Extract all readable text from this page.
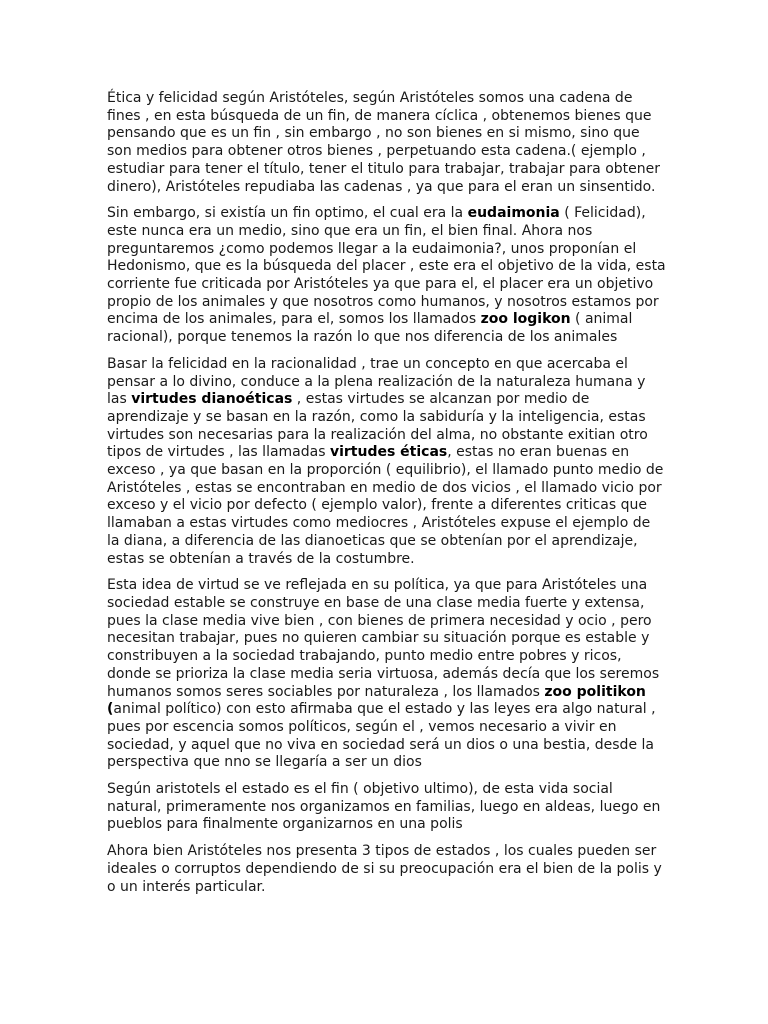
Ética y felicidad según Aristóteles, según Aristóteles somos una cadena de fines , en esta búsqueda de un fin, de manera cíclica , obtenemos bienes que pensando que es un fin , sin embargo , no son bienes en si mismo, sino que son medios para obtener otros bienes , perpetuando esta cadena.( ejemplo , estudiar para tener el título, tener el titulo para trabajar, trabajar para obtener dinero), Aristóteles repudiaba las cadenas , ya que para el eran un sinsentido.

Sin embargo, si existía un fin optimo, el cual era la eudaimonia ( Felicidad), este nunca era un medio, sino que era un fin, el bien final. Ahora nos preguntaremos ¿como podemos llegar a la eudaimonia?, unos proponían el Hedonismo, que es la búsqueda del placer , este era el objetivo de la vida, esta corriente fue criticada por Aristóteles ya que para el, el placer era un objetivo propio de los animales y que nosotros como humanos, y nosotros estamos por encima de los animales, para el, somos los llamados zoo logikon ( animal racional), porque tenemos la razón lo que nos diferencia de los animales

Basar la felicidad en la racionalidad , trae un concepto en que acercaba el pensar a lo divino, conduce a la plena realización de la naturaleza humana y las virtudes dianoéticas , estas virtudes se alcanzan por medio de aprendizaje y se basan en la razón, como la sabiduría y la inteligencia, estas virtudes son necesarias para la realización del alma, no obstante exitian otro tipos de virtudes , las llamadas virtudes éticas, estas no eran buenas en exceso , ya que basan en la proporción ( equilibrio), el llamado punto medio de Aristóteles , estas se encontraban en medio de dos vicios , el llamado vicio por exceso y el vicio por defecto ( ejemplo valor), frente a diferentes criticas que llamaban a estas virtudes como mediocres , Aristóteles expuse el ejemplo de la diana, a diferencia de las dianoeticas que se obtenían por el aprendizaje, estas se obtenían a través de la costumbre.

Esta idea de virtud se ve reflejada en su política, ya que para Aristóteles una sociedad estable se construye en base de una clase media fuerte y extensa, pues la clase media vive bien , con bienes de primera necesidad y ocio , pero necesitan trabajar, pues no quieren cambiar su situación porque es estable y constribuyen a la sociedad trabajando, punto medio entre pobres y ricos, donde se prioriza la clase media seria virtuosa, además decía que los seremos humanos somos seres sociables por naturaleza , los llamados zoo politikon (animal político) con esto afirmaba que el estado y las leyes era algo natural , pues por escencia somos políticos, según el , vemos necesario a vivir en sociedad, y aquel que no viva en sociedad será un dios o una bestia, desde la perspectiva que nno se llegaría a ser un dios

Según aristotels el estado es el fin ( objetivo ultimo), de esta vida social natural, primeramente nos organizamos en familias, luego en aldeas, luego en pueblos para finalmente organizarnos en una polis

Ahora bien Aristóteles nos presenta 3 tipos de estados , los cuales pueden ser ideales o corruptos dependiendo de si su preocupación era el bien de la polis y o un interés particular.
